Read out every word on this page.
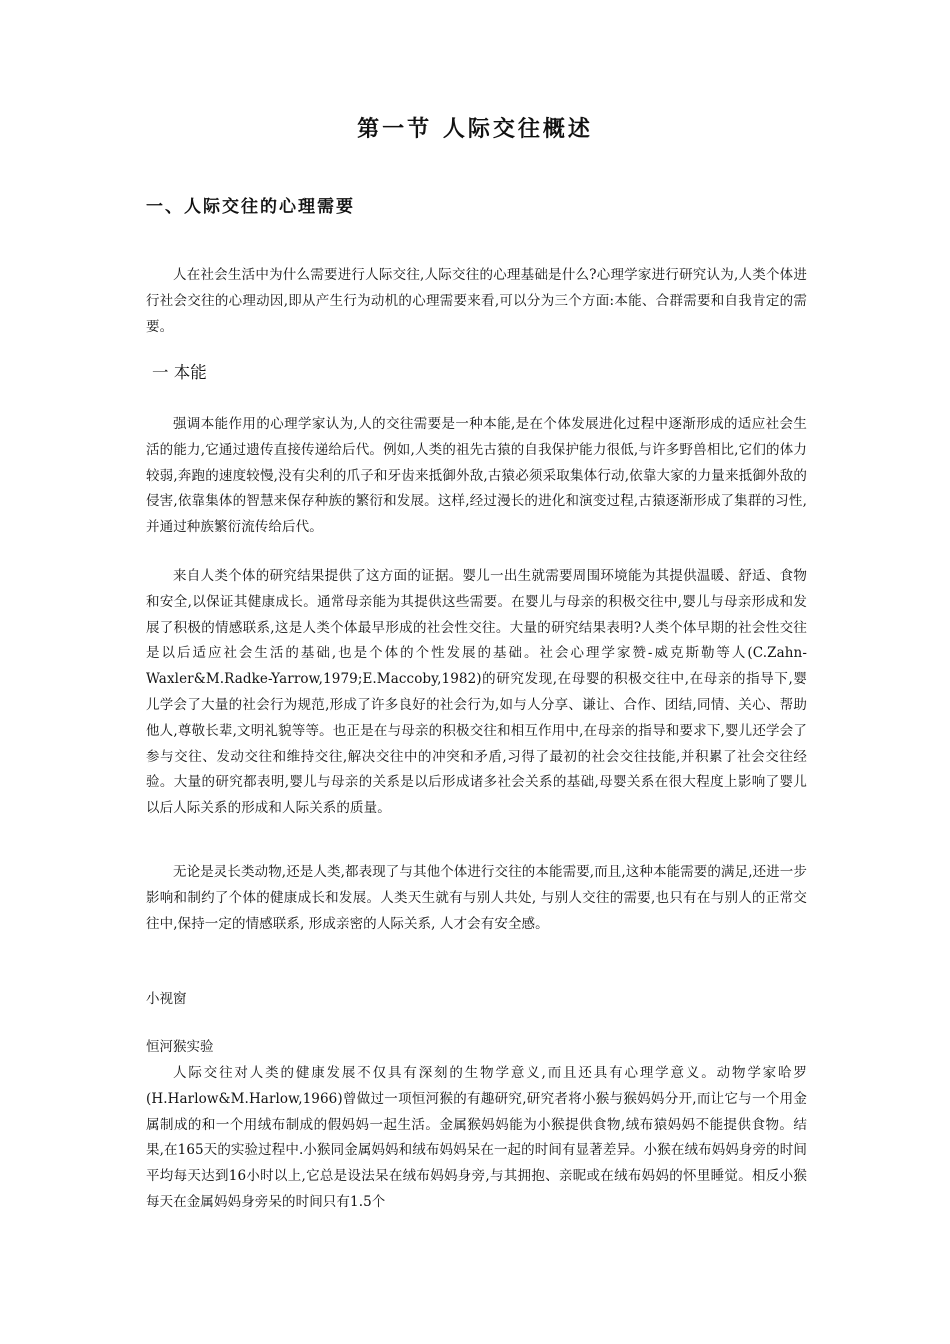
第一节 人际交往概述
一、人际交往的心理需要

人在社会生活中为什么需要进行人际交往,人际交往的心理基础是什么?心理学家进行研究认为,人类个体进行社会交往的心理动因,即从产生行为动机的心理需要来看,可以分为三个方面:本能、合群需要和自我肯定的需要。

一 本能

强调本能作用的心理学家认为,人的交往需要是一种本能,是在个体发展进化过程中逐渐形成的适应社会生活的能力,它通过遗传直接传递给后代。例如,人类的祖先古猿的自我保护能力很低,与许多野兽相比,它们的体力较弱,奔跑的速度较慢,没有尖利的爪子和牙齿来抵御外敌,古猿必须采取集体行动,依靠大家的力量来抵御外敌的侵害,依靠集体的智慧来保存种族的繁衍和发展。这样,经过漫长的进化和演变过程,古猿逐渐形成了集群的习性,并通过种族繁衍流传给后代。

来自人类个体的研究结果提供了这方面的证据。婴儿一出生就需要周围环境能为其提供温暖、舒适、食物和安全,以保证其健康成长。通常母亲能为其提供这些需要。在婴儿与母亲的积极交往中,婴儿与母亲形成和发展了积极的情感联系,这是人类个体最早形成的社会性交往。大量的研究结果表明?人类个体早期的社会性交往是以后适应社会生活的基础,也是个体的个性发展的基础。社会心理学家赞-威克斯勒等人(C.Zahn-Waxler&M.Radke-Yarrow,1979;E.Maccoby,1982)的研究发现,在母婴的积极交往中,在母亲的指导下,婴儿学会了大量的社会行为规范,形成了许多良好的社会行为,如与人分享、谦让、合作、团结,同情、关心、帮助他人,尊敬长辈,文明礼貌等等。也正是在与母亲的积极交往和相互作用中,在母亲的指导和要求下,婴儿还学会了参与交往、发动交往和维持交往,解决交往中的冲突和矛盾,习得了最初的社会交往技能,并积累了社会交往经验。大量的研究都表明,婴儿与母亲的关系是以后形成诸多社会关系的基础,母婴关系在很大程度上影响了婴儿以后人际关系的形成和人际关系的质量。

无论是灵长类动物,还是人类,都表现了与其他个体进行交往的本能需要,而且,这种本能需要的满足,还进一步影响和制约了个体的健康成长和发展。人类天生就有与别人共处, 与别人交往的需要,也只有在与别人的正常交往中,保持一定的情感联系, 形成亲密的人际关系, 人才会有安全感。

小视窗
恒河猴实验

人际交往对人类的健康发展不仅具有深刻的生物学意义,而且还具有心理学意义。动物学家哈罗(H.Harlow&M.Harlow,1966)曾做过一项恒河猴的有趣研究,研究者将小猴与猴妈妈分开,而让它与一个用金属制成的和一个用绒布制成的假妈妈一起生活。金属猴妈妈能为小猴提供食物,绒布猿妈妈不能提供食物。结果,在165天的实验过程中.小猴同金属妈妈和绒布妈妈呆在一起的时间有显著差异。小猴在绒布妈妈身旁的时间平均每天达到16小时以上,它总是设法呆在绒布妈妈身旁,与其拥抱、亲昵或在绒布妈妈的怀里睡觉。相反小猴每天在金属妈妈身旁呆的时间只有1.5个
